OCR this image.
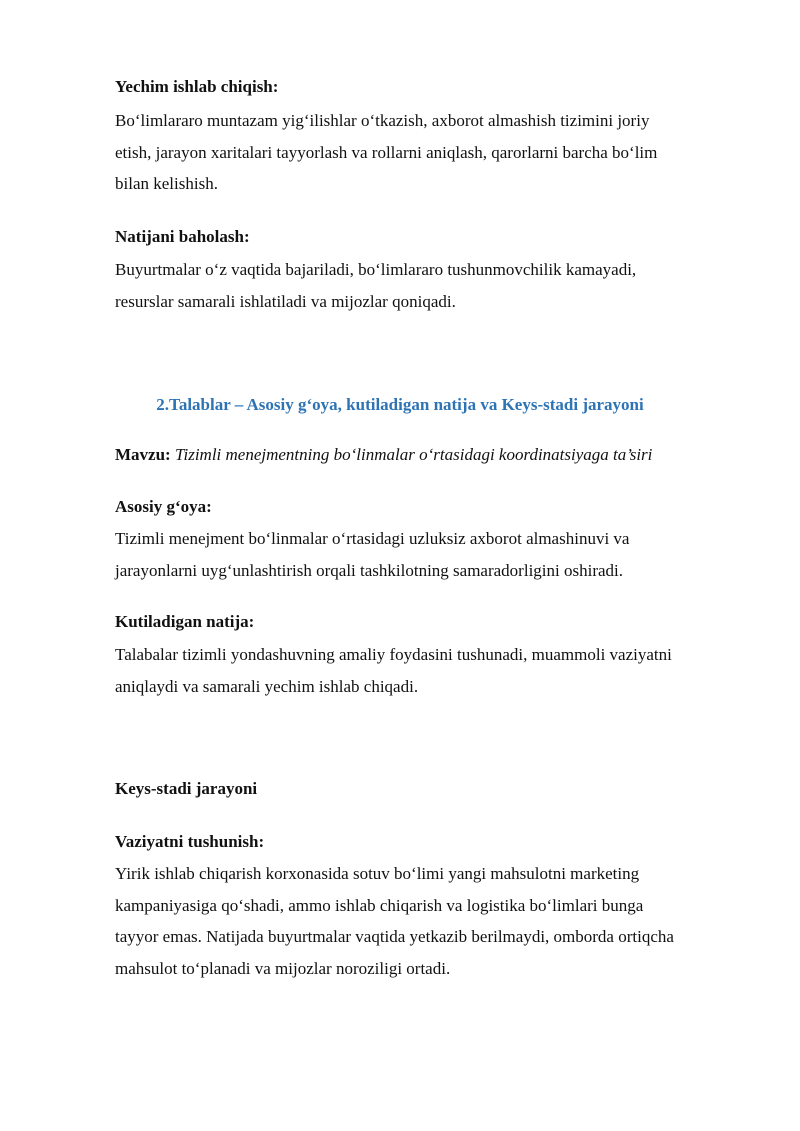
Yechim ishlab chiqish:
Bo‘limlararo muntazam yig‘ilishlar o‘tkazish, axborot almashish tizimini joriy
etish, jarayon xaritalari tayyorlash va rollarni aniqlash, qarorlarni barcha bo‘lim
bilan kelishish.
Natijani baholash:
Buyurtmalar o‘z vaqtida bajariladi, bo‘limlararo tushunmovchilik kamayadi,
resurslar samarali ishlatiladi va mijozlar qoniqadi.
Mavzu: Tizimli menejmentning bo‘linmalar o‘rtasidagi koordinatsiyaga ta’siri
Asosiy g‘oya:
Tizimli menejment bo‘linmalar o‘rtasidagi uzluksiz axborot almashinuvi va
jarayonlarni uyg‘unlashtirish orqali tashkilotning samaradorligini oshiradi.
Kutiladigan natija:
Talabalar tizimli yondashuvning amaliy foydasini tushunadi, muammoli vaziyatni
aniqlaydi va samarali yechim ishlab chiqadi.
Keys-stadi jarayoni
Vaziyatni tushunish:
Yirik ishlab chiqarish korxonasida sotuv bo‘limi yangi mahsulotni marketing
kampaniyasiga qo‘shadi, ammo ishlab chiqarish va logistika bo‘limlari bunga
tayyor emas. Natijada buyurtmalar vaqtida yetkazib berilmaydi, omborda ortiqcha
mahsulot to‘planadi va mijozlar noroziligi ortadi.
2.Talablar – Asosiy g‘oya, kutiladigan natija va Keys-stadi jarayoni
